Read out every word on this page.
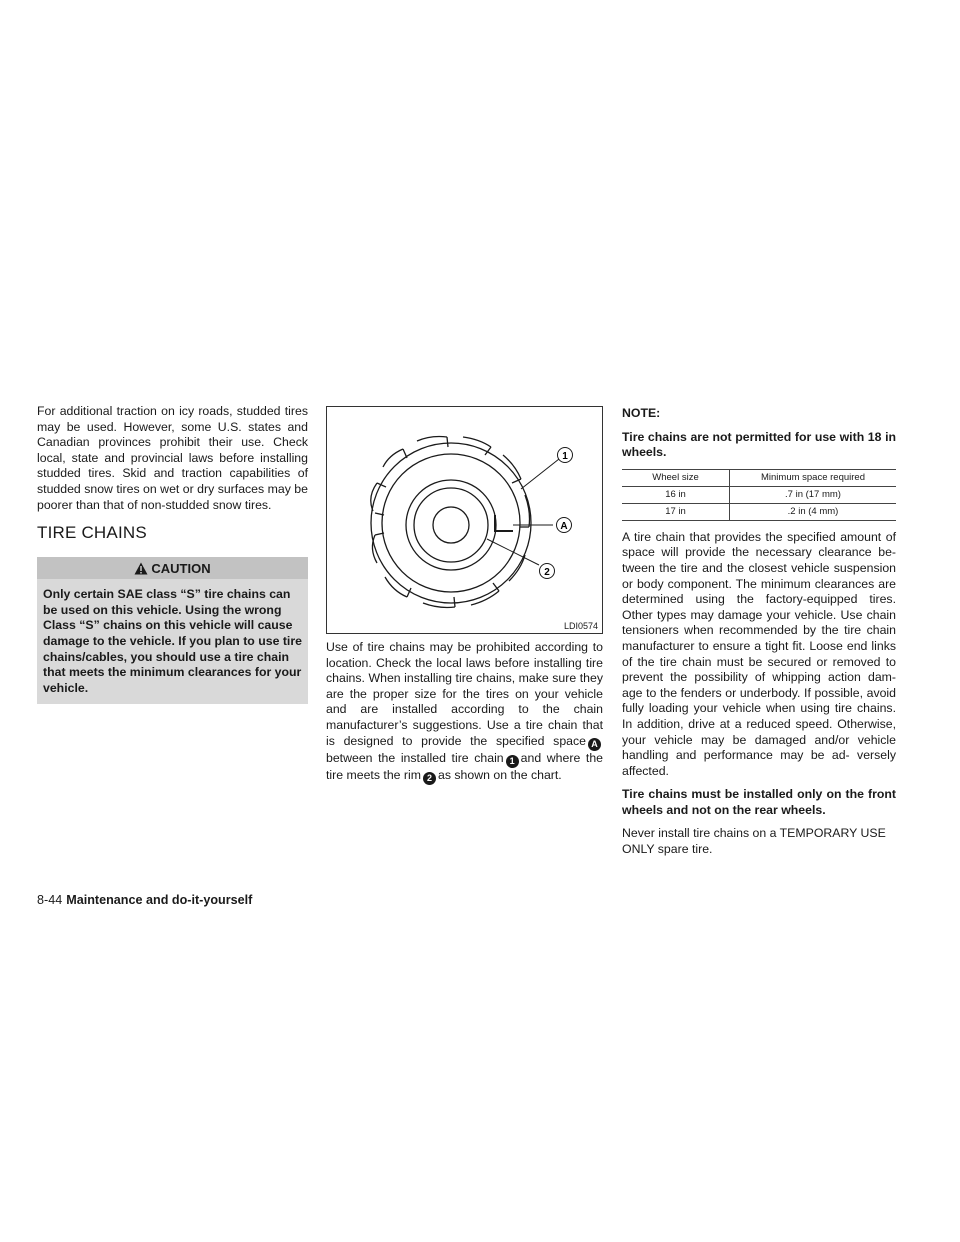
For additional traction on icy roads, studded tires may be used. However, some U.S. states and Canadian provinces prohibit their use. Check local, state and provincial laws before installing studded tires. Skid and traction capabilities of studded snow tires on wet or dry surfaces may be poorer than that of non-studded snow tires.

TIRE CHAINS
CAUTION
Only certain SAE class “S” tire chains can be used on this vehicle. Using the wrong Class “S” chains on this vehicle will cause damage to the vehicle. If you plan to use tire chains/cables, you should use a tire chain that meets the minimum clearances for your vehicle.
1
A
2
LDI0574

Use of tire chains may be prohibited according to location. Check the local laws before installing tire chains. When installing tire chains, make sure they are the proper size for the tires on your vehicle and are installed according to the chain manufacturer’s suggestions. Use a tire chain that is designed to provide the specified space A between the installed tire chain 1 and where the tire meets the rim 2 as shown on the chart.

NOTE:

Tire chains are not permitted for use with 18 in wheels.

Wheel size	Minimum space required
16 in	.7 in (17 mm)
17 in	.2 in (4 mm)

A tire chain that provides the specified amount of space will provide the necessary clearance be- tween the tire and the closest vehicle suspension or body component. The minimum clearances are determined using the factory-equipped tires. Other types may damage your vehicle. Use chain tensioners when recommended by the tire chain manufacturer to ensure a tight fit. Loose end links of the tire chain must be secured or removed to prevent the possibility of whipping action dam- age to the fenders or underbody. If possible, avoid fully loading your vehicle when using tire chains. In addition, drive at a reduced speed. Otherwise, your vehicle may be damaged and/or vehicle handling and performance may be ad- versely affected.

Tire chains must be installed only on the front wheels and not on the rear wheels.

Never install tire chains on a TEMPORARY USE ONLY spare tire.

8-44 Maintenance and do-it-yourself
